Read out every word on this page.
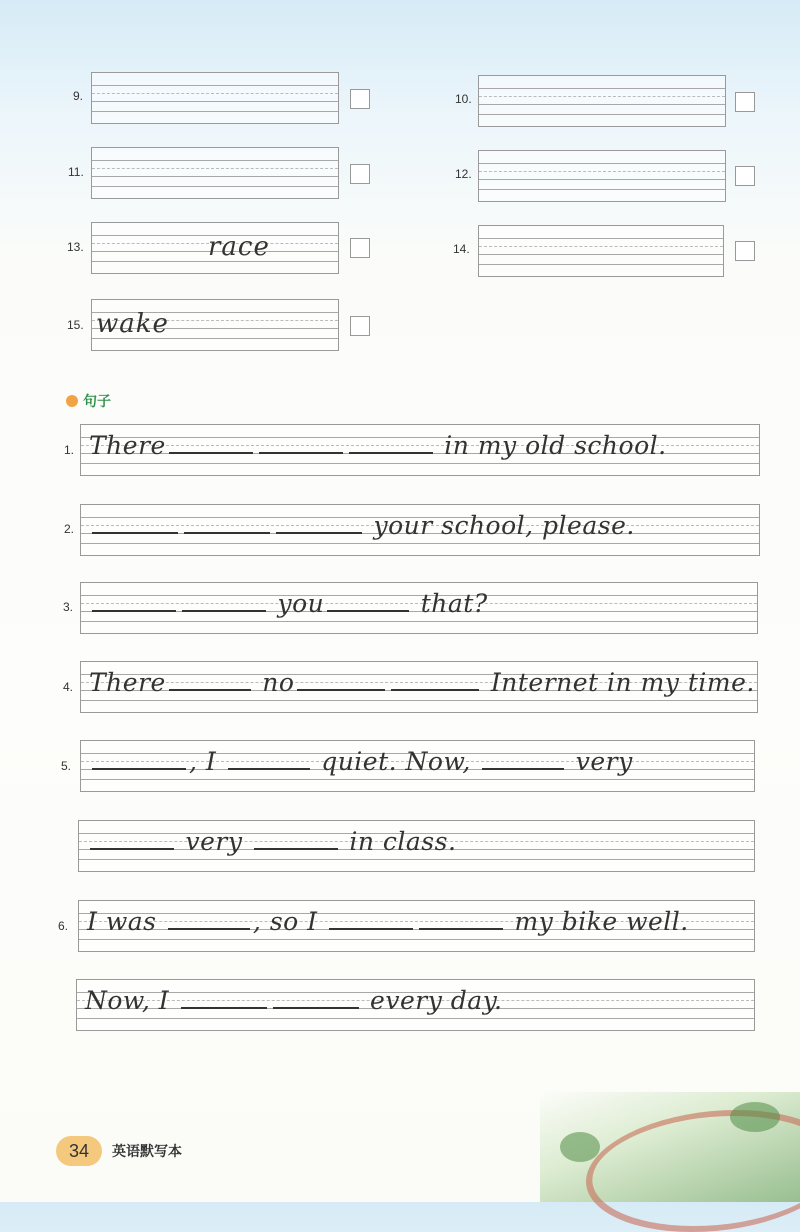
9.	10.
11.	12.
13.	race	14.
15. wake
句子
1. There	in my old school.
2.	your school, please.
3.	you	that?
4. There	no	Internet in my time.
5.	, I	quiet. Now,	very
very	in class.
6. I was	, so I	my bike well.
Now, I	every day.
34	英语默写本
